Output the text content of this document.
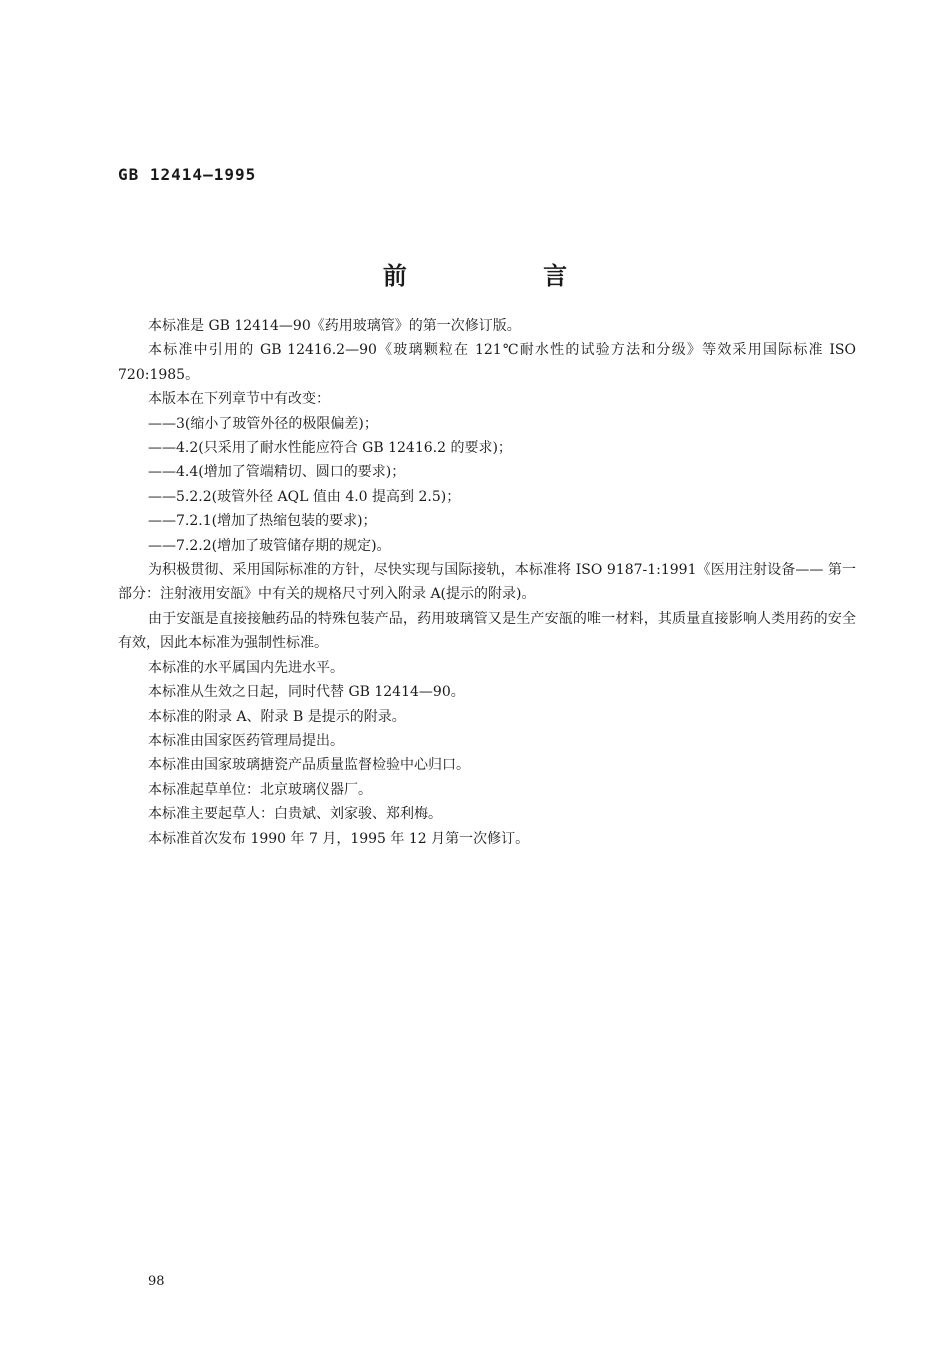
GB 12414—1995
前 言

本标准是 GB 12414—90《药用玻璃管》的第一次修订版。

本标准中引用的 GB 12416.2—90《玻璃颗粒在 121℃耐水性的试验方法和分级》等效采用国际标准 ISO 720:1985。

本版本在下列章节中有改变：

——3(缩小了玻管外径的极限偏差)；

——4.2(只采用了耐水性能应符合 GB 12416.2 的要求)；

——4.4(增加了管端精切、圆口的要求)；

——5.2.2(玻管外径 AQL 值由 4.0 提高到 2.5)；

——7.2.1(增加了热缩包装的要求)；

——7.2.2(增加了玻管储存期的规定)。

为积极贯彻、采用国际标准的方针，尽快实现与国际接轨，本标准将 ISO 9187-1:1991《医用注射设备—— 第一部分：注射液用安瓿》中有关的规格尺寸列入附录 A(提示的附录)。

由于安瓿是直接接触药品的特殊包装产品，药用玻璃管又是生产安瓿的唯一材料，其质量直接影响人类用药的安全有效，因此本标准为强制性标准。

本标准的水平属国内先进水平。

本标准从生效之日起，同时代替 GB 12414—90。

本标准的附录 A、附录 B 是提示的附录。

本标准由国家医药管理局提出。

本标准由国家玻璃搪瓷产品质量监督检验中心归口。

本标准起草单位：北京玻璃仪器厂。

本标准主要起草人：白贵斌、刘家骏、郑利梅。

本标准首次发布 1990 年 7 月，1995 年 12 月第一次修订。

98
